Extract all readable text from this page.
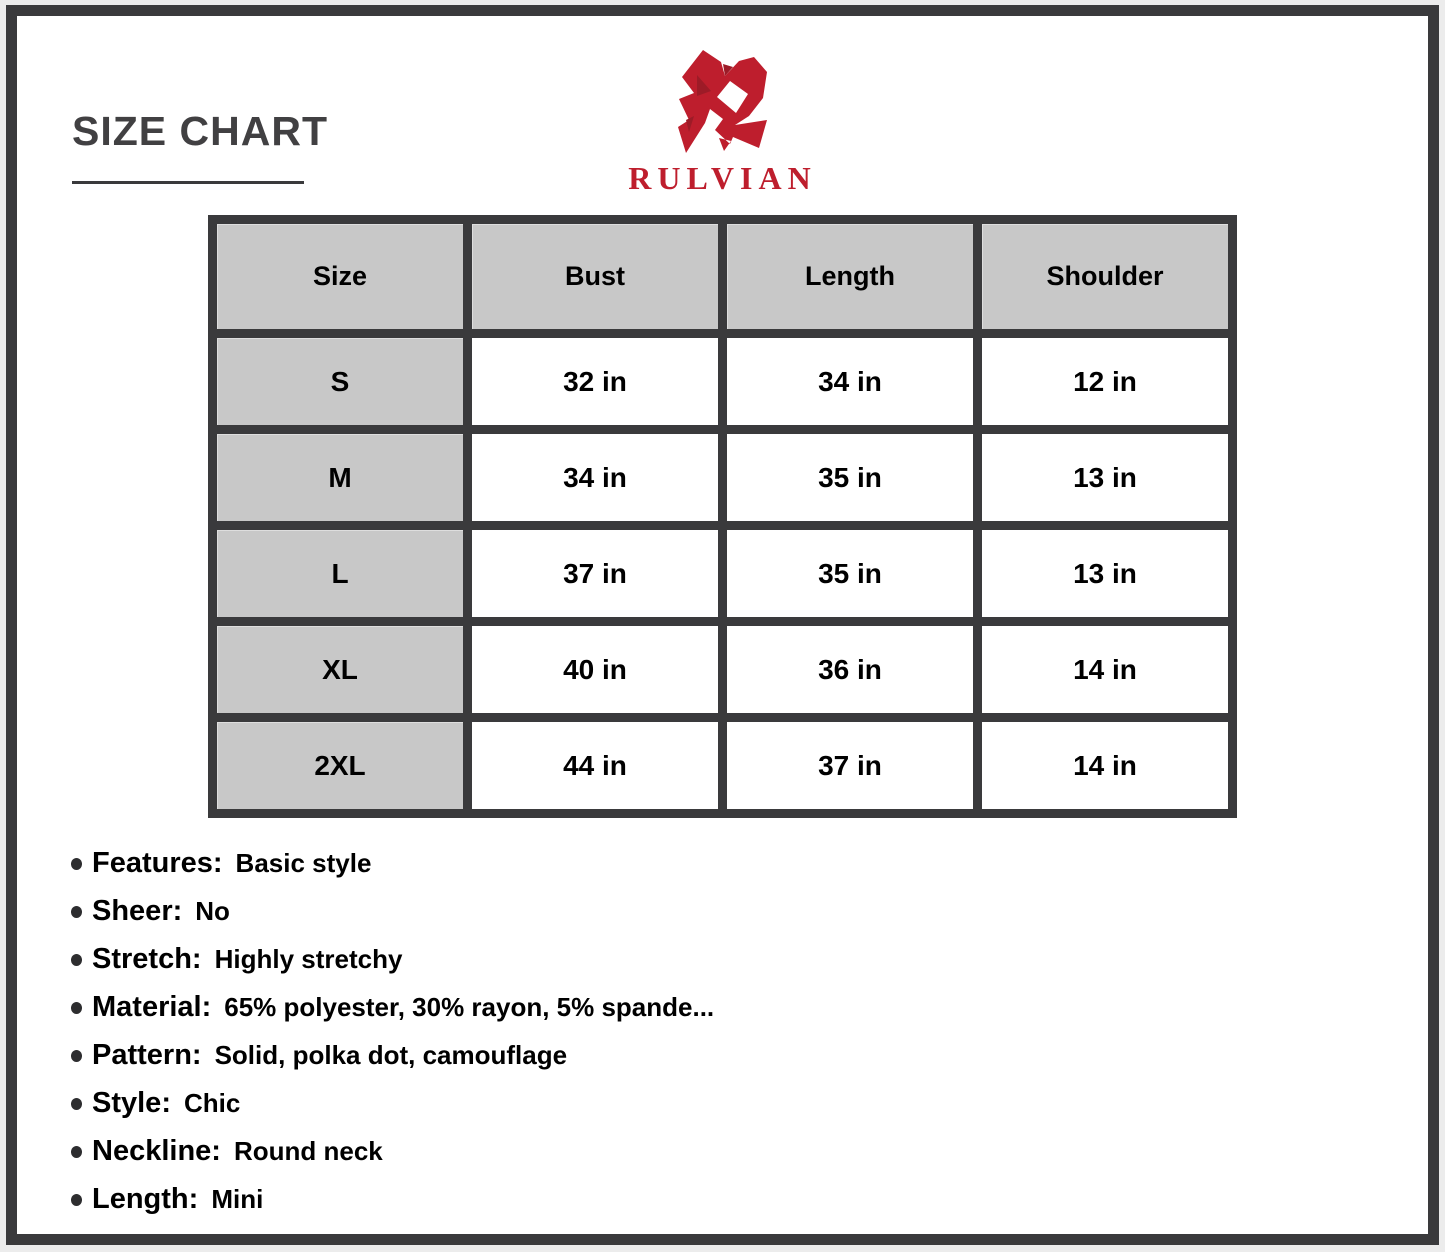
SIZE CHART
RULVIAN
Size	Bust	Length	Shoulder
S	32 in	34 in	12 in
M	34 in	35 in	13 in
L	37 in	35 in	13 in
XL	40 in	36 in	14 in
2XL	44 in	37 in	14 in
Features: Basic style
Sheer: No
Stretch: Highly stretchy
Material: 65% polyester, 30% rayon, 5% spande...
Pattern: Solid, polka dot, camouflage
Style: Chic
Neckline: Round neck
Length: Mini
